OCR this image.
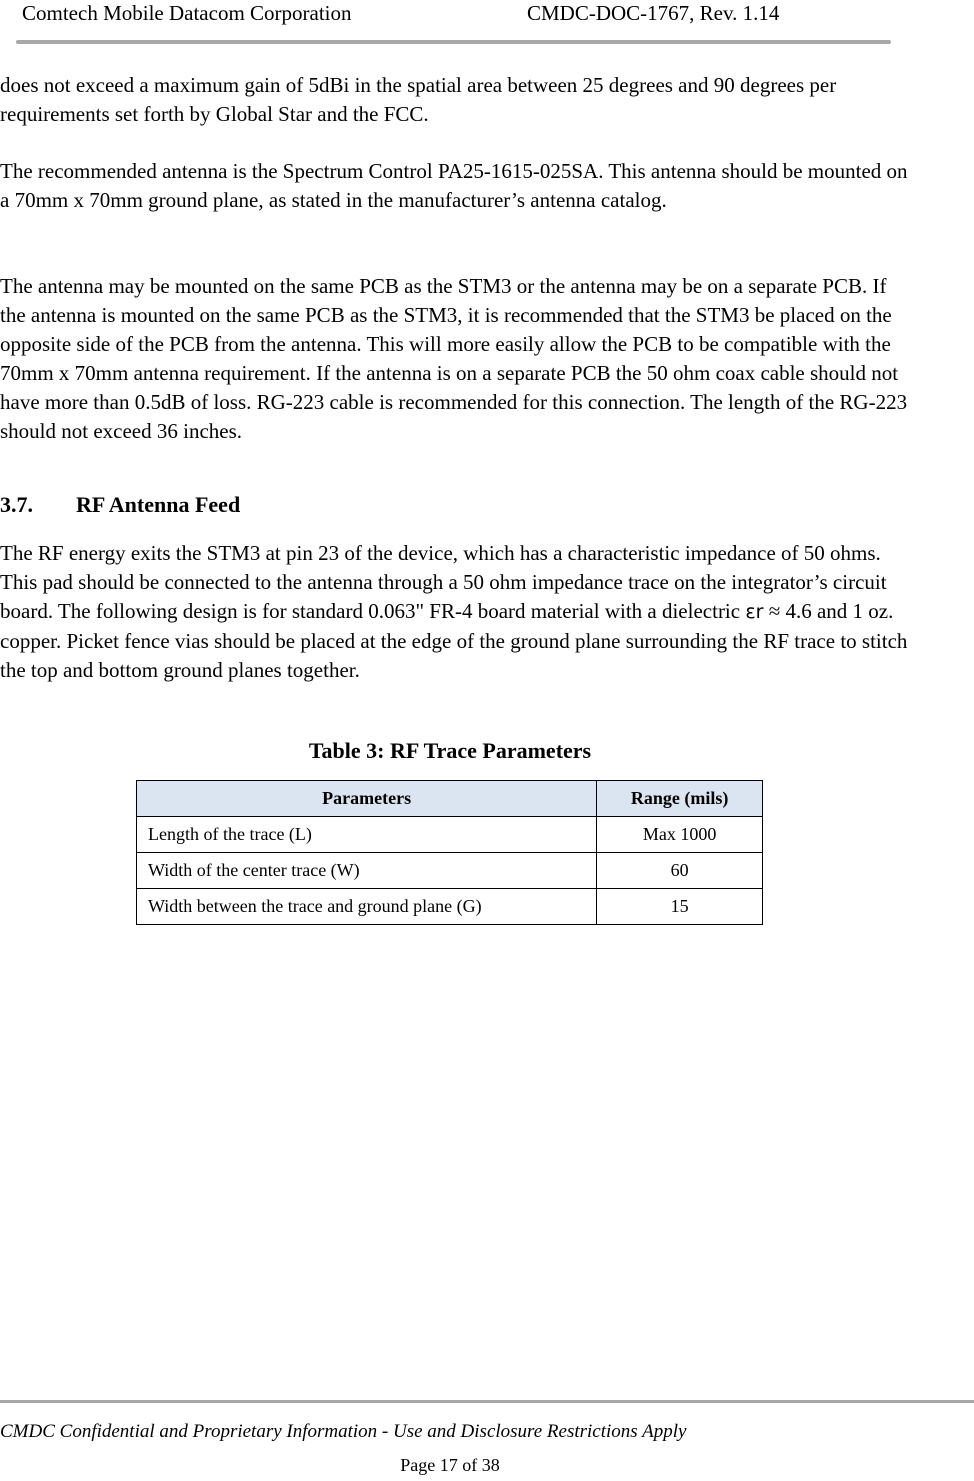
Comtech Mobile Datacom Corporation	CMDC-DOC-1767, Rev. 1.14

does not exceed a maximum gain of 5dBi in the spatial area between 25 degrees and 90 degrees per requirements set forth by Global Star and the FCC.

The recommended antenna is the Spectrum Control PA25-1615-025SA. This antenna should be mounted on a 70mm x 70mm ground plane, as stated in the manufacturer’s antenna catalog.

The antenna may be mounted on the same PCB as the STM3 or the antenna may be on a separate PCB. If the antenna is mounted on the same PCB as the STM3, it is recommended that the STM3 be placed on the opposite side of the PCB from the antenna. This will more easily allow the PCB to be compatible with the 70mm x 70mm antenna requirement. If the antenna is on a separate PCB the 50 ohm coax cable should not have more than 0.5dB of loss. RG-223 cable is recommended for this connection. The length of the RG-223 should not exceed 36 inches.

3.7. RF Antenna Feed

The RF energy exits the STM3 at pin 23 of the device, which has a characteristic impedance of 50 ohms. This pad should be connected to the antenna through a 50 ohm impedance trace on the integrator’s circuit board. The following design is for standard 0.063" FR-4 board material with a dielectric εr ≈ 4.6 and 1 oz. copper. Picket fence vias should be placed at the edge of the ground plane surrounding the RF trace to stitch the top and bottom ground planes together.

Table 3: RF Trace Parameters
Parameters	Range (mils)
Length of the trace (L)	Max 1000
Width of the center trace (W)	60
Width between the trace and ground plane (G)	15
CMDC Confidential and Proprietary Information - Use and Disclosure Restrictions Apply
Page 17 of 38
